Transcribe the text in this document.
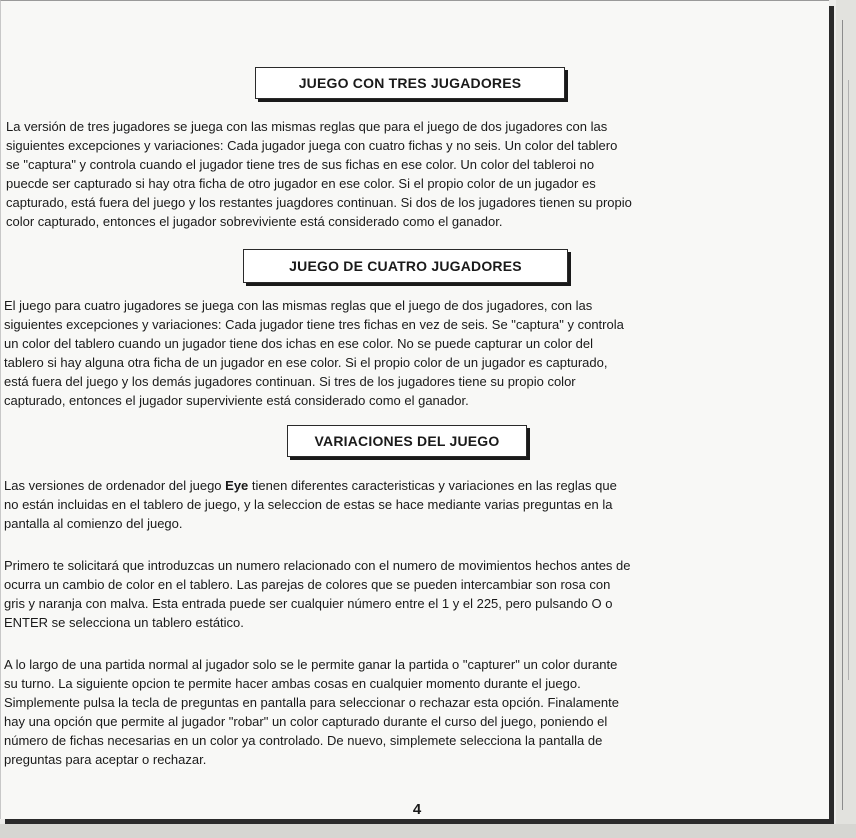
JUEGO CON TRES JUGADORES

La versión de tres jugadores se juega con las mismas reglas que para el juego de dos jugadores con las
siguientes excepciones y variaciones: Cada jugador juega con cuatro fichas y no seis. Un color del tablero
se "captura" y controla cuando el jugador tiene tres de sus fichas en ese color. Un color del tableroi no
puecde ser capturado si hay otra ficha de otro jugador en ese color. Si el propio color de un jugador es
capturado, está fuera del juego y los restantes juagdores continuan. Si dos de los jugadores tienen su propio
color capturado, entonces el jugador sobreviviente está considerado como el ganador.

JUEGO DE CUATRO JUGADORES

El juego para cuatro jugadores se juega con las mismas reglas que el juego de dos jugadores, con las
siguientes excepciones y variaciones: Cada jugador tiene tres fichas en vez de seis. Se "captura" y controla
un color del tablero cuando un jugador tiene dos ichas en ese color. No se puede capturar un color del
tablero si hay alguna otra ficha de un jugador en ese color. Si el propio color de un jugador es capturado,
está fuera del juego y los demás jugadores continuan. Si tres de los jugadores tiene su propio color
capturado, entonces el jugador superviviente está considerado como el ganador.

VARIACIONES DEL JUEGO

Las versiones de ordenador del juego Eye tienen diferentes caracteristicas y variaciones en las reglas que
no están incluidas en el tablero de juego, y la seleccion de estas se hace mediante varias preguntas en la
pantalla al comienzo del juego.

Primero te solicitará que introduzcas un numero relacionado con el numero de movimientos hechos antes de
ocurra un cambio de color en el tablero. Las parejas de colores que se pueden intercambiar son rosa con
gris y naranja con malva. Esta entrada puede ser cualquier número entre el 1 y el 225, pero pulsando O o
ENTER se selecciona un tablero estático.

A lo largo de una partida normal al jugador solo se le permite ganar la partida o "capturer" un color durante
su turno. La siguiente opcion te permite hacer ambas cosas en cualquier momento durante el juego.
Simplemente pulsa la tecla de preguntas en pantalla para seleccionar o rechazar esta opción. Finalamente
hay una opción que permite al jugador "robar" un color capturado durante el curso del juego, poniendo el
número de fichas necesarias en un color ya controlado. De nuevo, simplemete selecciona la pantalla de
preguntas para aceptar o rechazar.

4
